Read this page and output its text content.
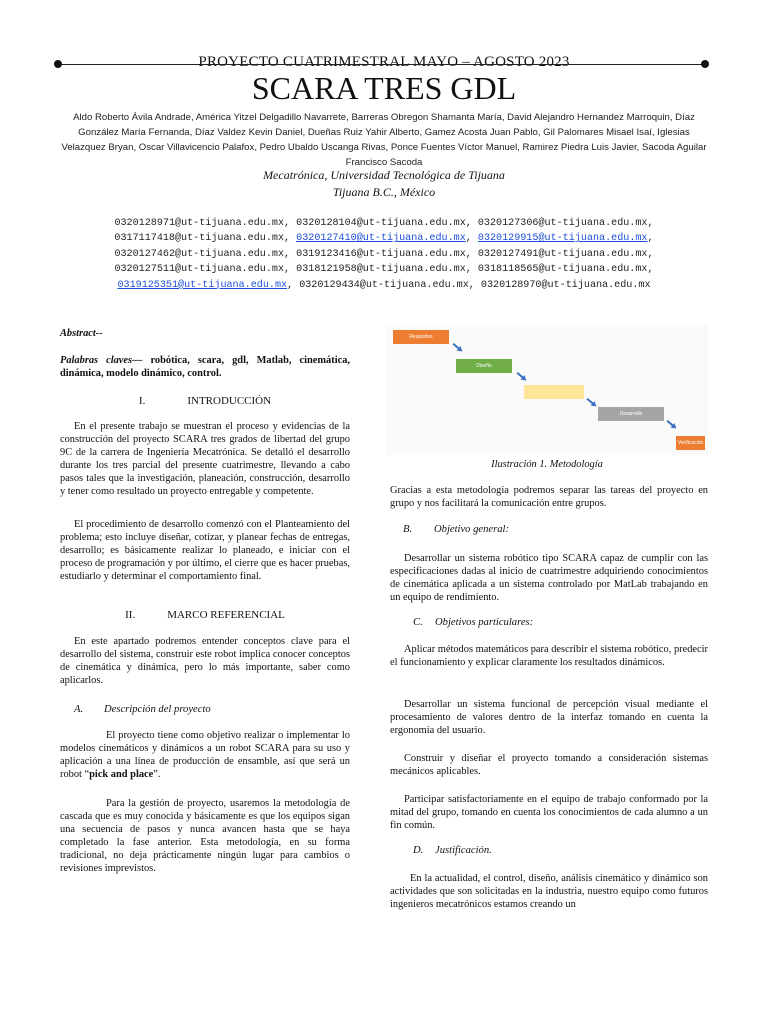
PROYECTO CUATRIMESTRAL MAYO – AGOSTO 2023
SCARA TRES GDL
Aldo Roberto Ávila Andrade, América Yitzel Delgadillo Navarrete, Barreras Obregon Shamanta María, David Alejandro Hernandez Marroquin, Díaz González María Fernanda, Díaz Valdez Kevin Daniel, Dueñas Ruiz Yahir Alberto, Gamez Acosta Juan Pablo, Gil Palomares Misael Isaí, Iglesias Velazquez Bryan, Oscar Villavicencio Palafox, Pedro Ubaldo Uscanga Rivas, Ponce Fuentes Víctor Manuel, Ramirez Piedra Luis Javier, Sacoda Aguilar Francisco Sacoda
Mecatrónica, Universidad Tecnológica de Tijuana
Tijuana B.C., México
0320128971@ut-tijuana.edu.mx, 0320128104@ut-tijuana.edu.mx, 0320127306@ut-tijuana.edu.mx,
0317117418@ut-tijuana.edu.mx, 0320127410@ut-tijuana.edu.mx, 0320129915@ut-tijuana.edu.mx,
0320127462@ut-tijuana.edu.mx, 0319123416@ut-tijuana.edu.mx, 0320127491@ut-tijuana.edu.mx,
0320127511@ut-tijuana.edu.mx, 0318121958@ut-tijuana.edu.mx, 0318118565@ut-tijuana.edu.mx,
0319125351@ut-tijuana.edu.mx, 0320129434@ut-tijuana.edu.mx, 0320128970@ut-tijuana.edu.mx
Abstract--
Palabras claves— robótica, scara, gdl, Matlab, cinemática, dinámica, modelo dinámico, control.
I.	INTRODUCCIÓN
En el presente trabajo se muestran el proceso y evidencias de la construcción del proyecto SCARA tres grados de libertad del grupo 9C de la carrera de Ingeniería Mecatrónica. Se detalló el desarrollo durante los tres parcial del presente cuatrimestre, llevando a cabo pasos tales que la investigación, planeación, construcción, desarrollo y tener como resultado un proyecto entregable y competente.
El procedimiento de desarrollo comenzó con el Planteamiento del problema; esto incluye diseñar, cotizar, y planear fechas de entregas, desarrollo; es básicamente realizar lo planeado, e iniciar con el proceso de programación y por último, el cierre que es hacer pruebas, estudiarlo y determinar el comportamiento final.
II.	MARCO REFERENCIAL
En este apartado podremos entender conceptos clave para el desarrollo del sistema, construir este robot implica conocer conceptos de cinemática y dinámica, pero lo más importante, saber como aplicarlos.
A. Descripción del proyecto
El proyecto tiene como objetivo realizar o implementar lo modelos cinemáticos y dinámicos a un robot SCARA para su uso y aplicación a una línea de producción de ensamble, así que será un robot “pick and place”.
Para la gestión de proyecto, usaremos la metodología de cascada que es muy conocida y básicamente es que los equipos sigan una secuencia de pasos y nunca avancen hasta que se haya completado la fase anterior. Esta metodología, en su forma tradicional, no deja prácticamente ningún lugar para cambios o revisiones imprevistos.
Requisitos
Diseño
Desarrollo
Verificación
Ilustración 1. Metodología
Gracias a esta metodología podremos separar las tareas del proyecto en grupo y nos facilitará la comunicación entre grupos.
B. Objetivo general:
Desarrollar un sistema robótico tipo SCARA capaz de cumplir con las especificaciones dadas al inicio de cuatrimestre adquiriendo conocimientos de cinemática aplicada a un sistema controlado por MatLab trabajando en un equipo de rendimiento.
C. Objetivos particulares:
Aplicar métodos matemáticos para describir el sistema robótico, predecir el funcionamiento y explicar claramente los resultados dinámicos.
Desarrollar un sistema funcional de percepción visual mediante el procesamiento de valores dentro de la interfaz tomando en cuenta la ergonomía del usuario.
Construir y diseñar el proyecto tomando a consideración sistemas mecánicos aplicables.
Participar satisfactoriamente en el equipo de trabajo conformado por la mitad del grupo, tomando en cuenta los conocimientos de cada alumno a un fin común.
D. Justificación.
En la actualidad, el control, diseño, análisis cinemático y dinámico son actividades que son solicitadas en la industria, nuestro equipo como futuros ingenieros mecatrónicos estamos creando un
